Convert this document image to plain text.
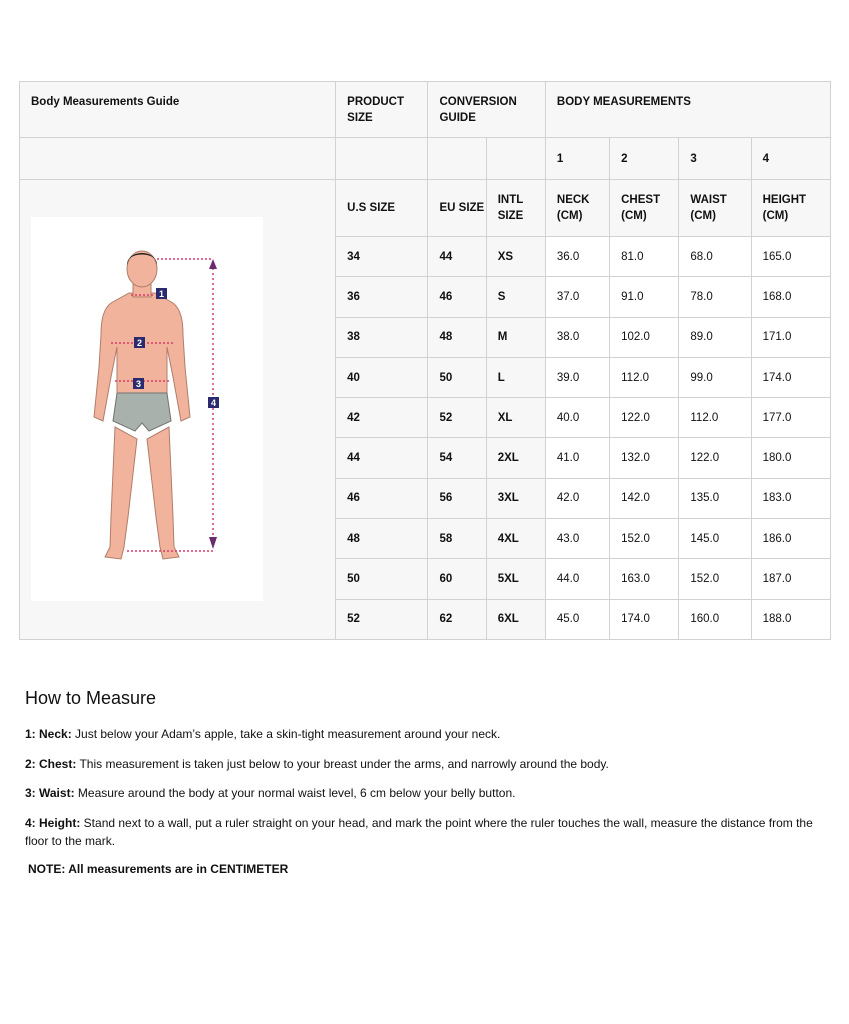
Body Measurements Guide	PRODUCT SIZE	CONVERSION GUIDE		BODY MEASUREMENTS			
				1	2	3	4

1
2
3
4	U.S SIZE	EU SIZE	INTL SIZE	NECK (CM)	CHEST (CM)	WAIST (CM)	HEIGHT (CM)
	34	44	XS	36.0	81.0	68.0	165.0
	36	46	S	37.0	91.0	78.0	168.0
	38	48	M	38.0	102.0	89.0	171.0
	40	50	L	39.0	112.0	99.0	174.0
	42	52	XL	40.0	122.0	112.0	177.0
	44	54	2XL	41.0	132.0	122.0	180.0
	46	56	3XL	42.0	142.0	135.0	183.0
	48	58	4XL	43.0	152.0	145.0	186.0
	50	60	5XL	44.0	163.0	152.0	187.0
	52	62	6XL	45.0	174.0	160.0	188.0
How to Measure

1: Neck: Just below your Adam’s apple, take a skin-tight measurement around your neck.

2: Chest: This measurement is taken just below to your breast under the arms, and narrowly around the body.

3: Waist: Measure around the body at your normal waist level, 6 cm below your belly button.

4: Height: Stand next to a wall, put a ruler straight on your head, and mark the point where the ruler touches the wall, measure the distance from the floor to the mark.

NOTE: All measurements are in CENTIMETER
